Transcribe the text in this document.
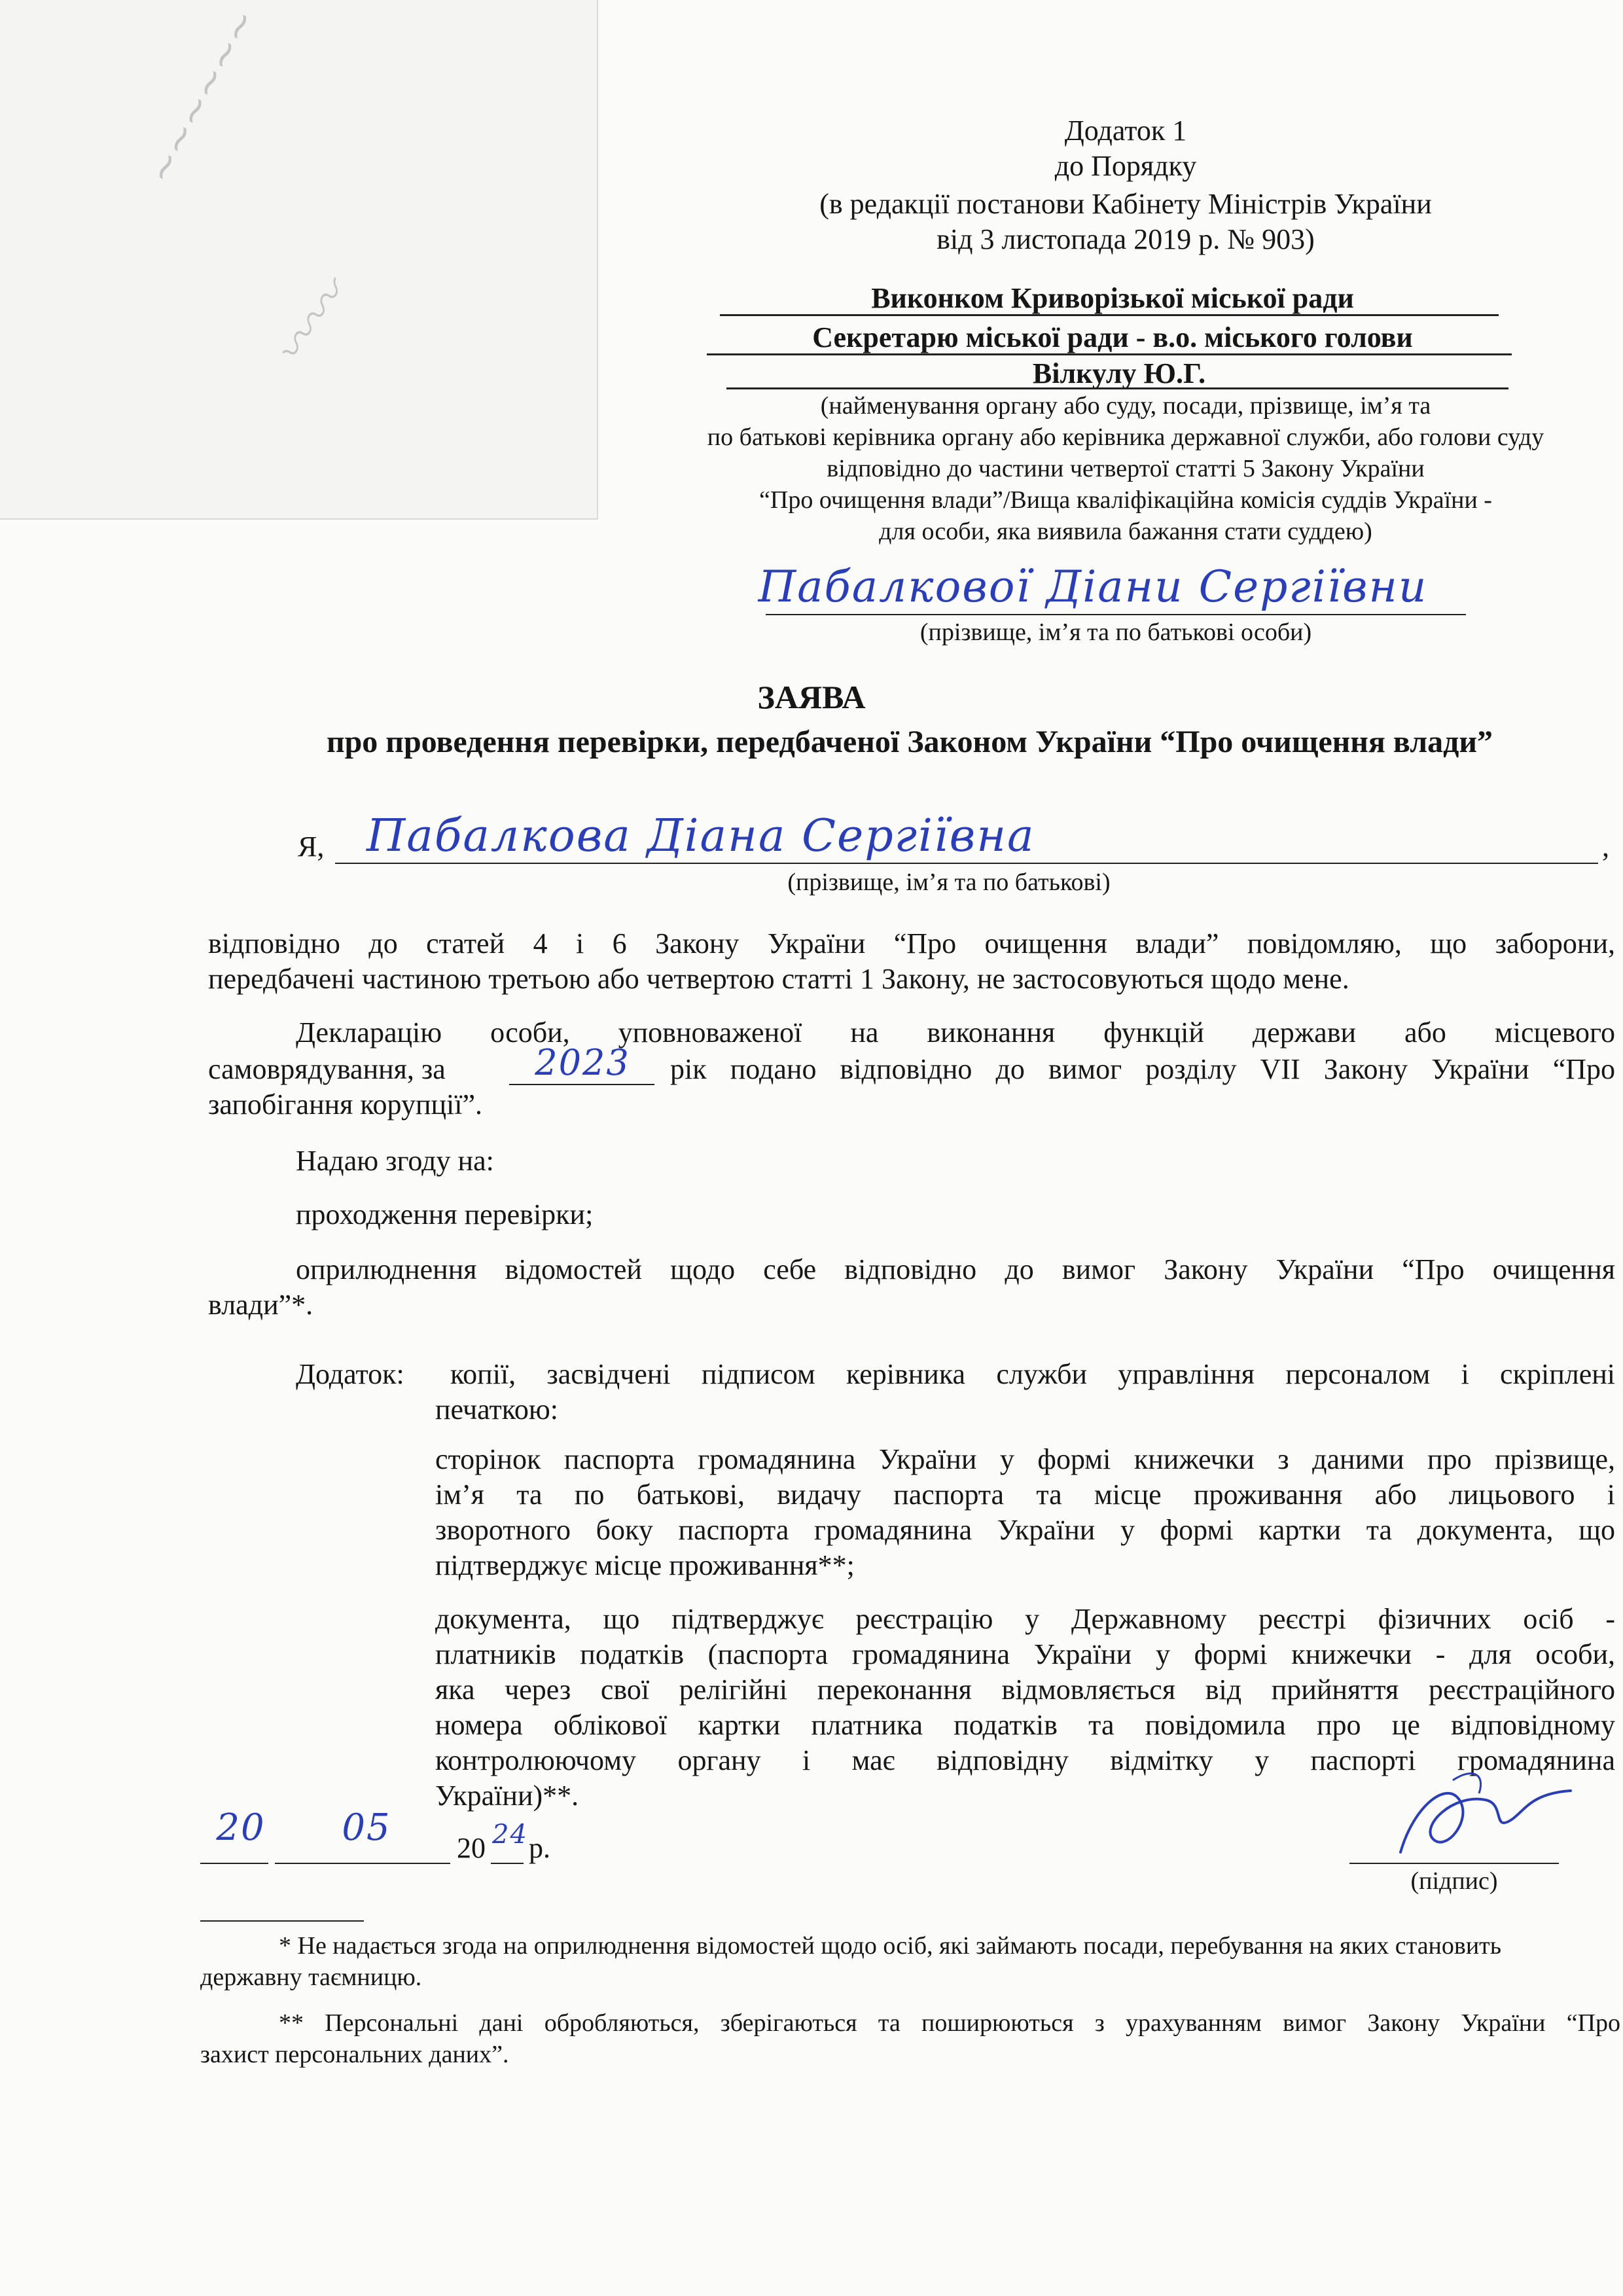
~~~~~~
〰〰
Додаток 1
до Порядку
(в редакції постанови Кабінету Міністрів України
від 3 листопада 2019 р. № 903)
Виконком Криворізької міської ради
Секретарю міської ради - в.о. міського голови
Вілкулу Ю.Г.
(найменування органу або суду, посади, прізвище, ім’я та
по батькові керівника органу або керівника державної служби, або голови суду
відповідно до частини четвертої статті 5 Закону України
“Про очищення влади”/Вища кваліфікаційна комісія суддів України -
для особи, яка виявила бажання стати суддею)
Пабалкової Діани Сергіївни
(прізвище, ім’я та по батькові особи)
ЗАЯВА
про проведення перевірки, передбаченої Законом України “Про очищення влади”
Я, Пабалкова Діана Сергіївна	,
(прізвище, ім’я та по батькові)
відповідно до статей 4 і 6 Закону України “Про очищення влади” повідомляю, що заборони,
передбачені частиною третьою або четвертою статті 1 Закону, не застосовуються щодо мене.
Декларацію особи, уповноваженої на виконання функцій держави або місцевого
самоврядування, за	2023	рік подано відповідно до вимог розділу VII Закону України “Про
запобігання корупції”.
Надаю згоду на:
проходження перевірки;
оприлюднення відомостей щодо себе відповідно до вимог Закону України “Про очищення
влади”*.
Додаток: копії, засвідчені підписом керівника служби управління персоналом і скріплені
печаткою:
сторінок паспорта громадянина України у формі книжечки з даними про прізвище,
ім’я та по батькові, видачу паспорта та місце проживання або лицьового і
зворотного боку паспорта громадянина України у формі картки та документа, що
підтверджує місце проживання**;
документа, що підтверджує реєстрацію у Державному реєстрі фізичних осіб -
платників податків (паспорта громадянина України у формі книжечки - для особи,
яка через свої релігійні переконання відмовляється від прийняття реєстраційного
номера облікової картки платника податків та повідомила про це відповідному
контролюючому органу і має відповідну відмітку у паспорті громадянина
України)**.
20	05	20 24 р.
(підпис)
* Не надається згода на оприлюднення відомостей щодо осіб, які займають посади, перебування на яких становить
державну таємницю.
** Персональні дані обробляються, зберігаються та поширюються з урахуванням вимог Закону України “Про
захист персональних даних”.
